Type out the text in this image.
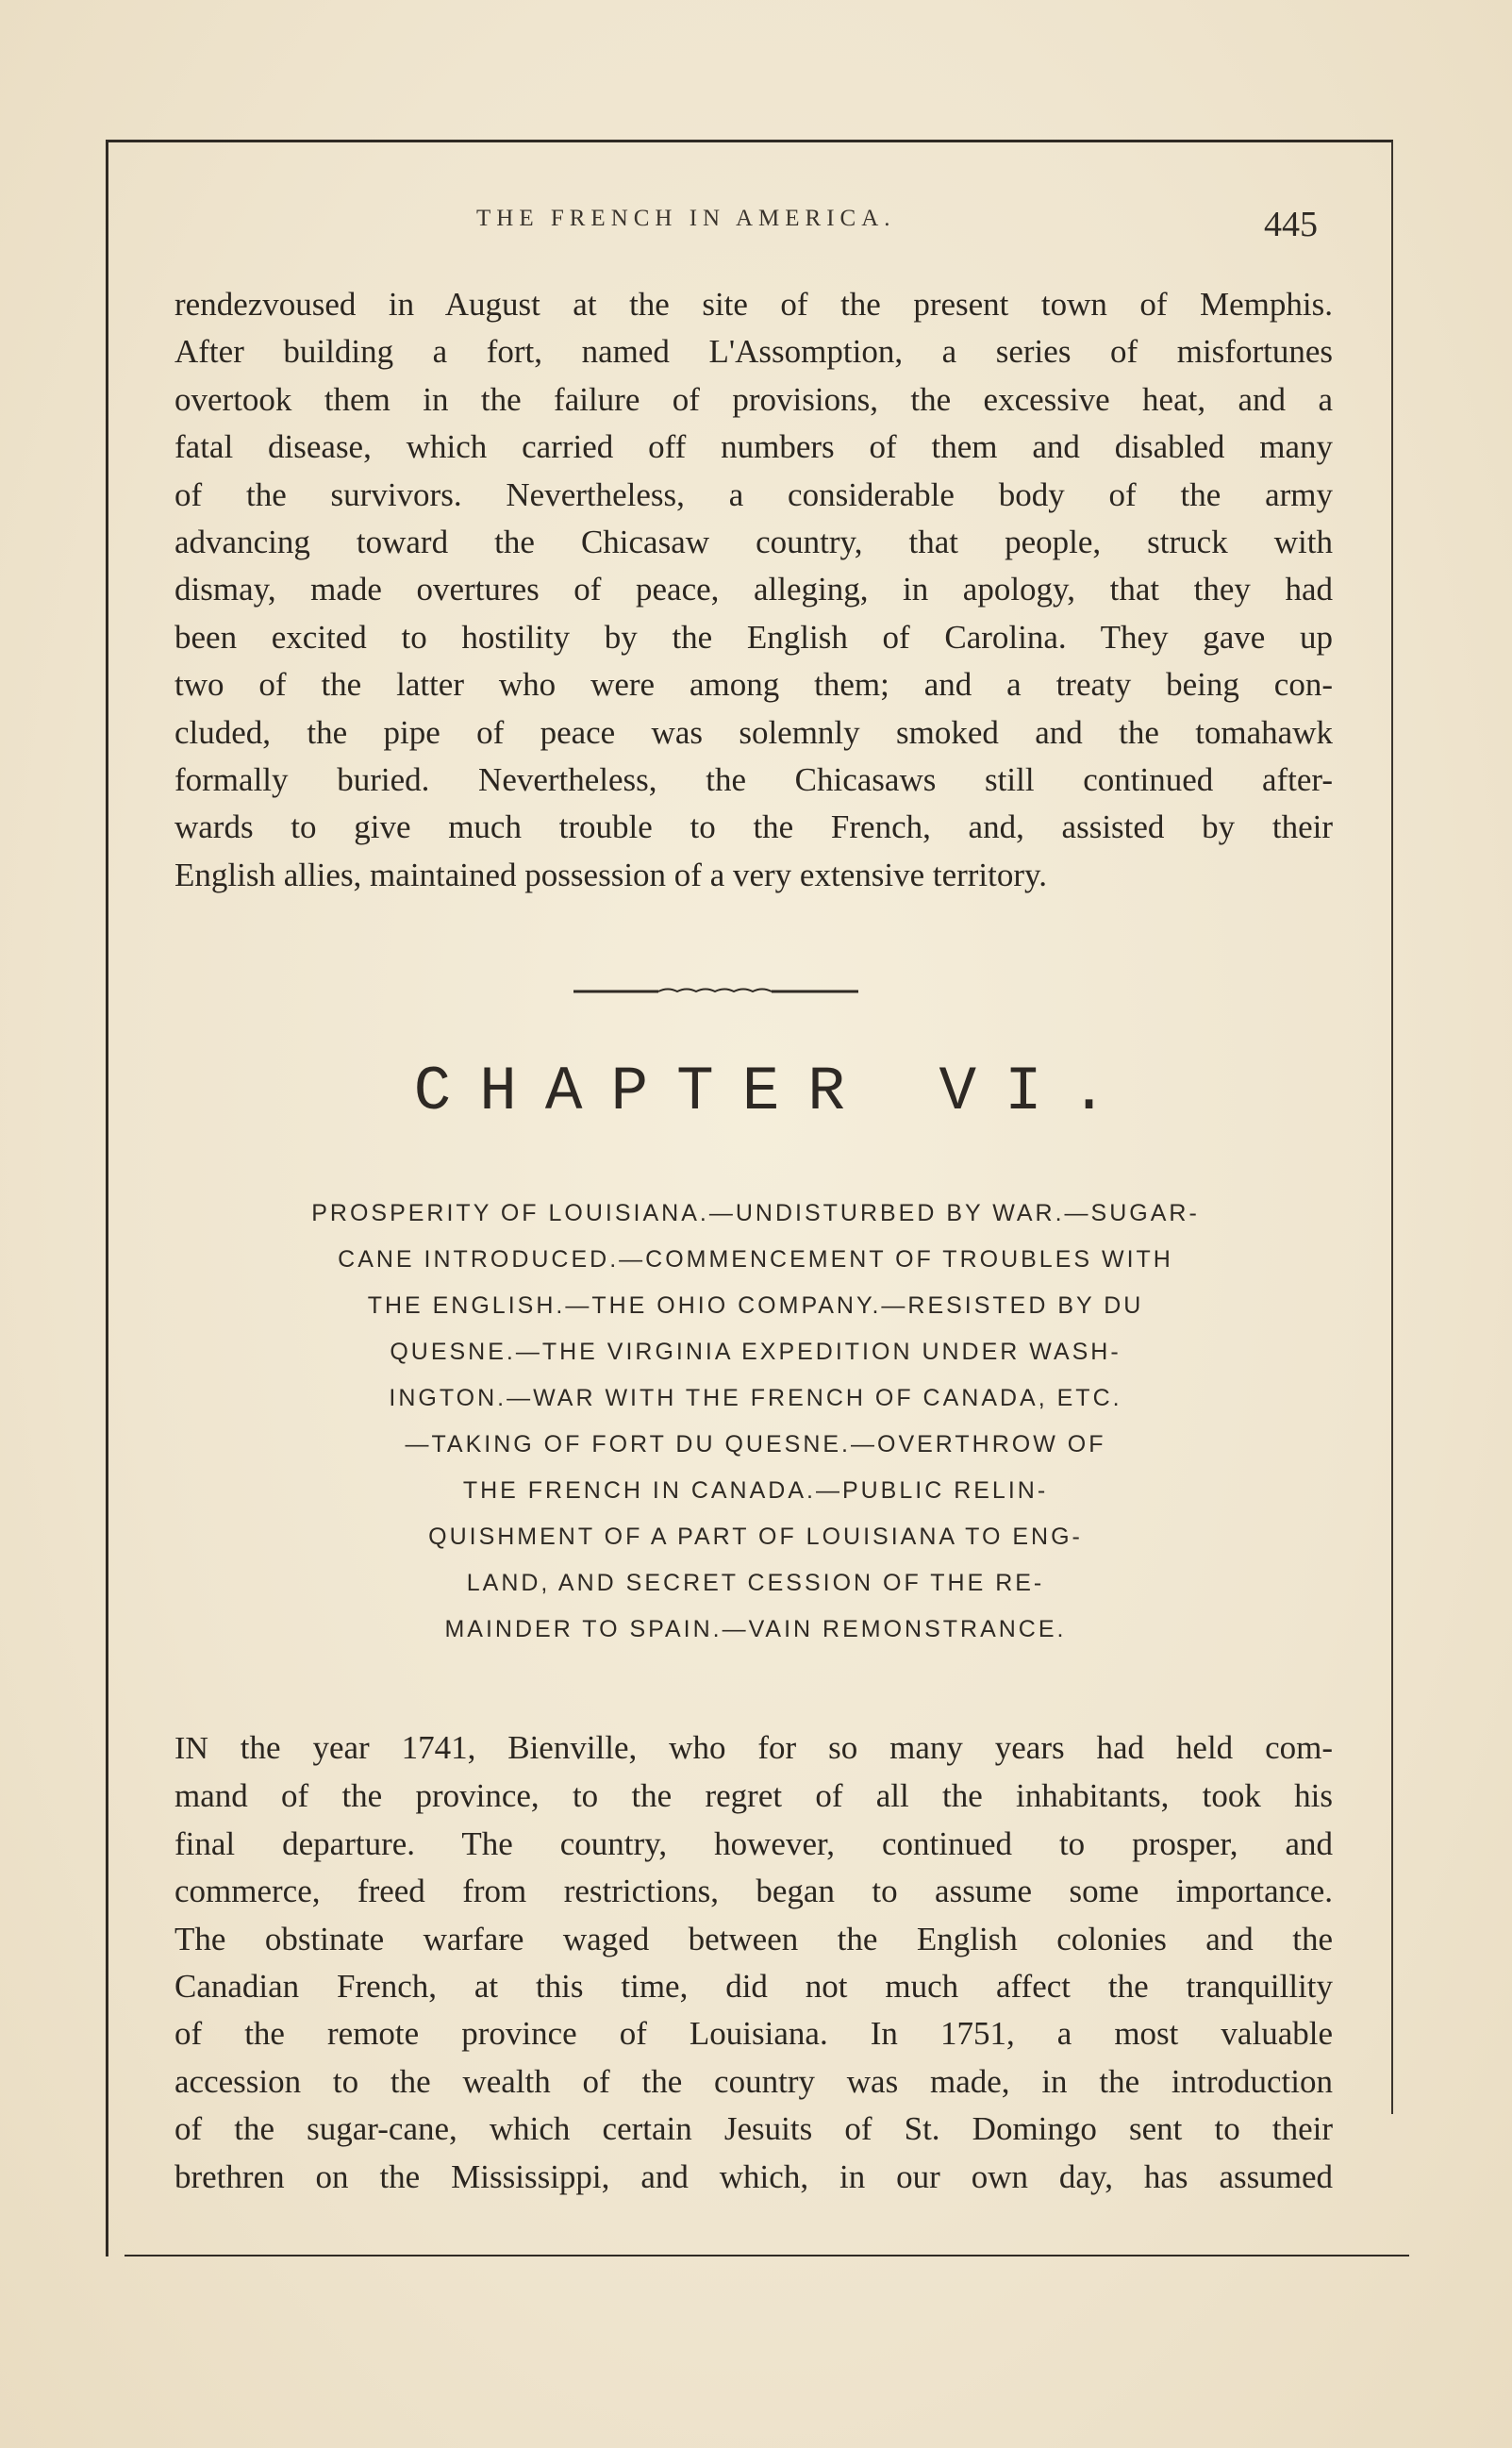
THE FRENCH IN AMERICA.	445
rendezvoused in August at the site of the present town of Memphis.
After building a fort, named L'Assomption, a series of misfortunes
overtook them in the failure of provisions, the excessive heat, and a
fatal disease, which carried off numbers of them and disabled many
of the survivors. Nevertheless, a considerable body of the army
advancing toward the Chicasaw country, that people, struck with
dismay, made overtures of peace, alleging, in apology, that they had
been excited to hostility by the English of Carolina. They gave up
two of the latter who were among them; and a treaty being con-
cluded, the pipe of peace was solemnly smoked and the tomahawk
formally buried. Nevertheless, the Chicasaws still continued after-
wards to give much trouble to the French, and, assisted by their
English allies, maintained possession of a very extensive territory.
CHAPTER VI.
PROSPERITY OF LOUISIANA.—UNDISTURBED BY WAR.—SUGAR-
CANE INTRODUCED.—COMMENCEMENT OF TROUBLES WITH
THE ENGLISH.—THE OHIO COMPANY.—RESISTED BY DU
QUESNE.—THE VIRGINIA EXPEDITION UNDER WASH-
INGTON.—WAR WITH THE FRENCH OF CANADA, ETC.
—TAKING OF FORT DU QUESNE.—OVERTHROW OF
THE FRENCH IN CANADA.—PUBLIC RELIN-
QUISHMENT OF A PART OF LOUISIANA TO ENG-
LAND, AND SECRET CESSION OF THE RE-
MAINDER TO SPAIN.—VAIN REMONSTRANCE.
IN the year 1741, Bienville, who for so many years had held com-
mand of the province, to the regret of all the inhabitants, took his
final departure. The country, however, continued to prosper, and
commerce, freed from restrictions, began to assume some importance.
The obstinate warfare waged between the English colonies and the
Canadian French, at this time, did not much affect the tranquillity
of the remote province of Louisiana. In 1751, a most valuable
accession to the wealth of the country was made, in the introduction
of the sugar-cane, which certain Jesuits of St. Domingo sent to their
brethren on the Mississippi, and which, in our own day, has assumed
